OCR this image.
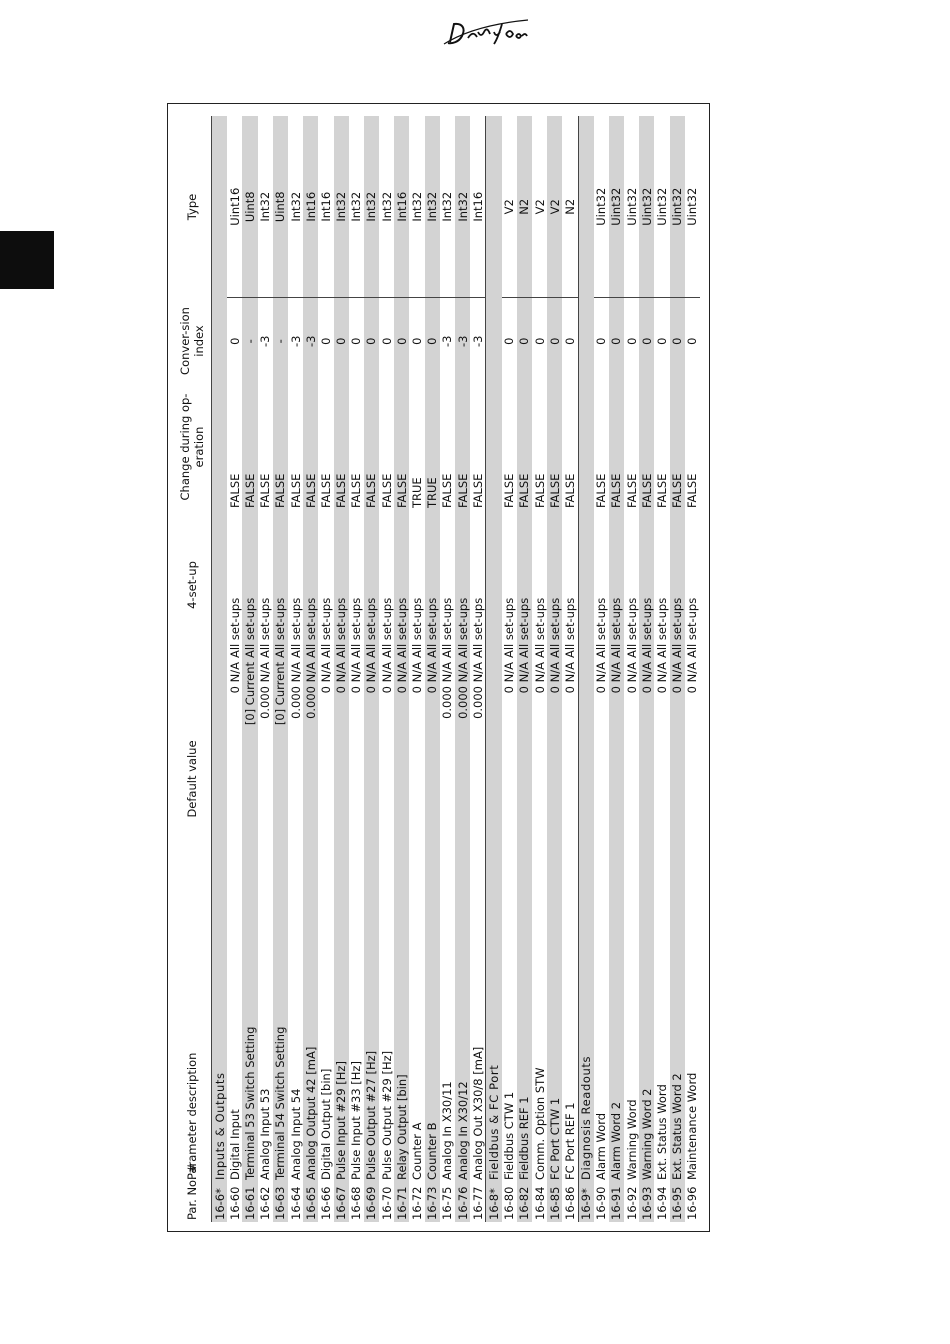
Par. No. #	Parameter description	Default value	4-set-up	Change during op-eration	Conver-sion index	Type
16-6*	Inputs & Outputs					
16-60	Digital Input	0 N/A	All set-ups	FALSE	0	Uint16
16-61	Terminal 53 Switch Setting	[0] Current	All set-ups	FALSE	-	Uint8
16-62	Analog Input 53	0.000 N/A	All set-ups	FALSE	-3	Int32
16-63	Terminal 54 Switch Setting	[0] Current	All set-ups	FALSE	-	Uint8
16-64	Analog Input 54	0.000 N/A	All set-ups	FALSE	-3	Int32
16-65	Analog Output 42 [mA]	0.000 N/A	All set-ups	FALSE	-3	Int16
16-66	Digital Output [bin]	0 N/A	All set-ups	FALSE	0	Int16
16-67	Pulse Input #29 [Hz]	0 N/A	All set-ups	FALSE	0	Int32
16-68	Pulse Input #33 [Hz]	0 N/A	All set-ups	FALSE	0	Int32
16-69	Pulse Output #27 [Hz]	0 N/A	All set-ups	FALSE	0	Int32
16-70	Pulse Output #29 [Hz]	0 N/A	All set-ups	FALSE	0	Int32
16-71	Relay Output [bin]	0 N/A	All set-ups	FALSE	0	Int16
16-72	Counter A	0 N/A	All set-ups	TRUE	0	Int32
16-73	Counter B	0 N/A	All set-ups	TRUE	0	Int32
16-75	Analog In X30/11	0.000 N/A	All set-ups	FALSE	-3	Int32
16-76	Analog In X30/12	0.000 N/A	All set-ups	FALSE	-3	Int32
16-77	Analog Out X30/8 [mA]	0.000 N/A	All set-ups	FALSE	-3	Int16
16-8*	Fieldbus & FC Port					
16-80	Fieldbus CTW 1	0 N/A	All set-ups	FALSE	0	V2
16-82	Fieldbus REF 1	0 N/A	All set-ups	FALSE	0	N2
16-84	Comm. Option STW	0 N/A	All set-ups	FALSE	0	V2
16-85	FC Port CTW 1	0 N/A	All set-ups	FALSE	0	V2
16-86	FC Port REF 1	0 N/A	All set-ups	FALSE	0	N2
16-9*	Diagnosis Readouts					
16-90	Alarm Word	0 N/A	All set-ups	FALSE	0	Uint32
16-91	Alarm Word 2	0 N/A	All set-ups	FALSE	0	Uint32
16-92	Warning Word	0 N/A	All set-ups	FALSE	0	Uint32
16-93	Warning Word 2	0 N/A	All set-ups	FALSE	0	Uint32
16-94	Ext. Status Word	0 N/A	All set-ups	FALSE	0	Uint32
16-95	Ext. Status Word 2	0 N/A	All set-ups	FALSE	0	Uint32
16-96	Maintenance Word	0 N/A	All set-ups	FALSE	0	Uint32
